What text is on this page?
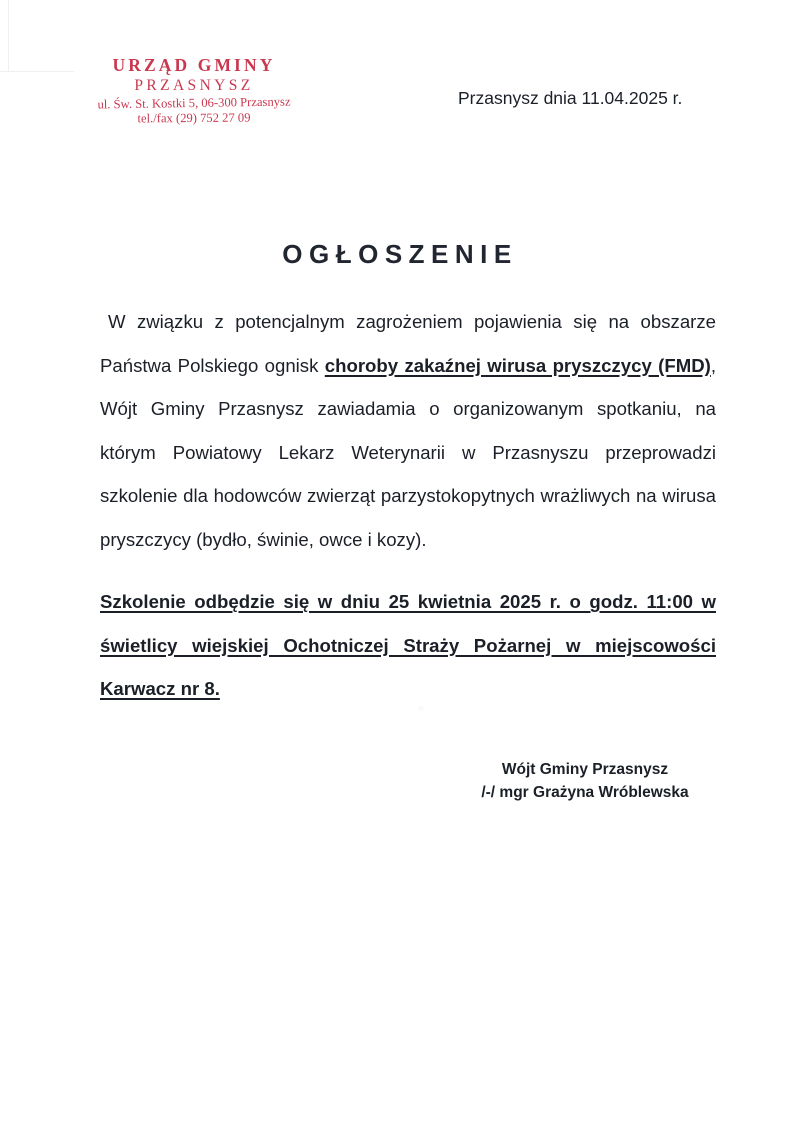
URZĄD GMINY
PRZASNYSZ
ul. Św. St. Kostki 5, 06-300 Przasnysz
tel./fax (29) 752 27 09
Przasnysz dnia 11.04.2025 r.
OGŁOSZENIE

W związku z potencjalnym zagrożeniem pojawienia się na obszarze Państwa Polskiego ognisk choroby zakaźnej wirusa pryszczycy (FMD), Wójt Gminy Przasnysz zawiadamia o organizowanym spotkaniu, na którym Powiatowy Lekarz Weterynarii w Przasnyszu przeprowadzi szkolenie dla hodowców zwierząt parzystokopytnych wrażliwych na wirusa pryszczycy (bydło, świnie, owce i kozy).

Szkolenie odbędzie się w dniu 25 kwietnia 2025 r. o godz. 11:00 w świetlicy wiejskiej Ochotniczej Straży Pożarnej w miejscowości Karwacz nr 8.

Wójt Gminy Przasnysz
/-/ mgr Grażyna Wróblewska
